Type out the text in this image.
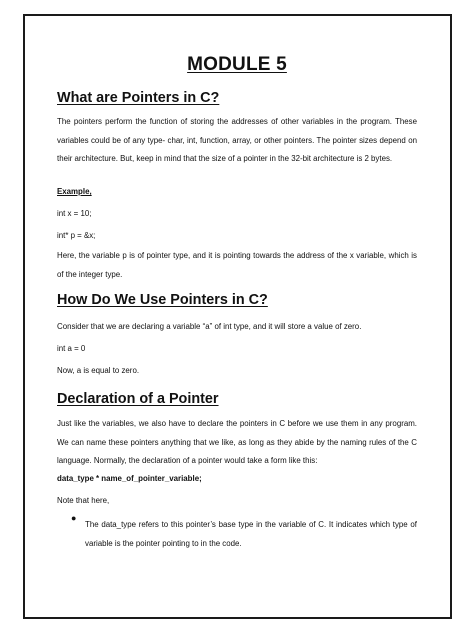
MODULE 5
What are Pointers in C?
The pointers perform the function of storing the addresses of other variables in the program. These variables could be of any type- char, int, function, array, or other pointers. The pointer sizes depend on their architecture. But, keep in mind that the size of a pointer in the 32-bit architecture is 2 bytes.
Example,
int x = 10;
int* p = &x;
Here, the variable p is of pointer type, and it is pointing towards the address of the x variable, which is of the integer type.
How Do We Use Pointers in C?
Consider that we are declaring a variable “a” of int type, and it will store a value of zero.
int a = 0
Now, a is equal to zero.
Declaration of a Pointer
Just like the variables, we also have to declare the pointers in C before we use them in any program. We can name these pointers anything that we like, as long as they abide by the naming rules of the C language. Normally, the declaration of a pointer would take a form like this:
data_type * name_of_pointer_variable;
Note that here,
●
The data_type refers to this pointer’s base type in the variable of C. It indicates which type of variable is the pointer pointing to in the code.
